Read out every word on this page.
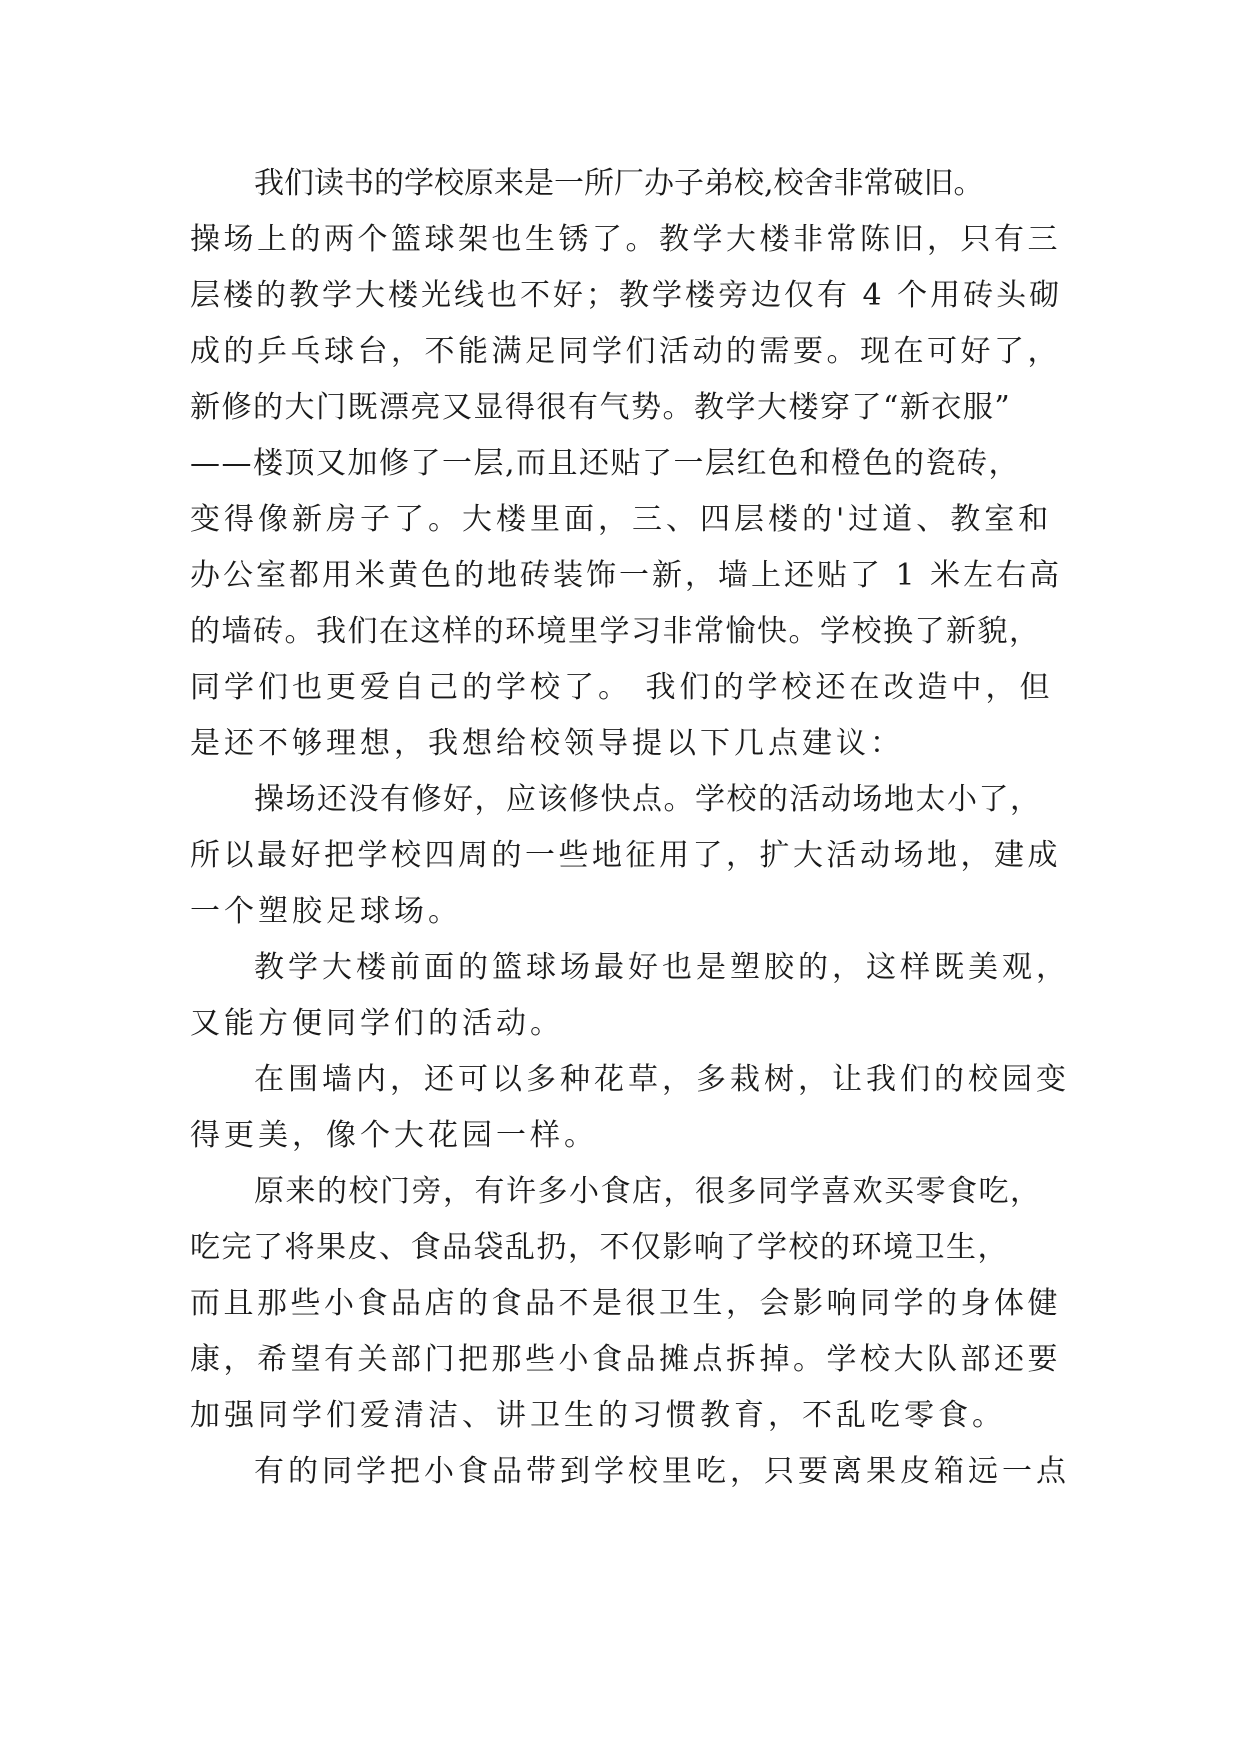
我们读书的学校原来是一所厂办子弟校,校舍非常破旧。
操场上的两个篮球架也生锈了。教学大楼非常陈旧，只有三
层楼的教学大楼光线也不好；教学楼旁边仅有 4 个用砖头砌
成的乒乓球台，不能满足同学们活动的需要。现在可好了，
新修的大门既漂亮又显得很有气势。教学大楼穿了“新衣服”
——楼顶又加修了一层,而且还贴了一层红色和橙色的瓷砖，
变得像新房子了。大楼里面，三、四层楼的'过道、教室和
办公室都用米黄色的地砖装饰一新，墙上还贴了 1 米左右高
的墙砖。我们在这样的环境里学习非常愉快。学校换了新貌，
同学们也更爱自己的学校了。 我们的学校还在改造中，但
是还不够理想，我想给校领导提以下几点建议：
操场还没有修好，应该修快点。学校的活动场地太小了，
所以最好把学校四周的一些地征用了，扩大活动场地，建成
一个塑胶足球场。
教学大楼前面的篮球场最好也是塑胶的，这样既美观，
又能方便同学们的活动。
在围墙内，还可以多种花草，多栽树，让我们的校园变
得更美，像个大花园一样。
原来的校门旁，有许多小食店，很多同学喜欢买零食吃，
吃完了将果皮、食品袋乱扔，不仅影响了学校的环境卫生，
而且那些小食品店的食品不是很卫生，会影响同学的身体健
康，希望有关部门把那些小食品摊点拆掉。学校大队部还要
加强同学们爱清洁、讲卫生的习惯教育，不乱吃零食。
有的同学把小食品带到学校里吃，只要离果皮箱远一点
